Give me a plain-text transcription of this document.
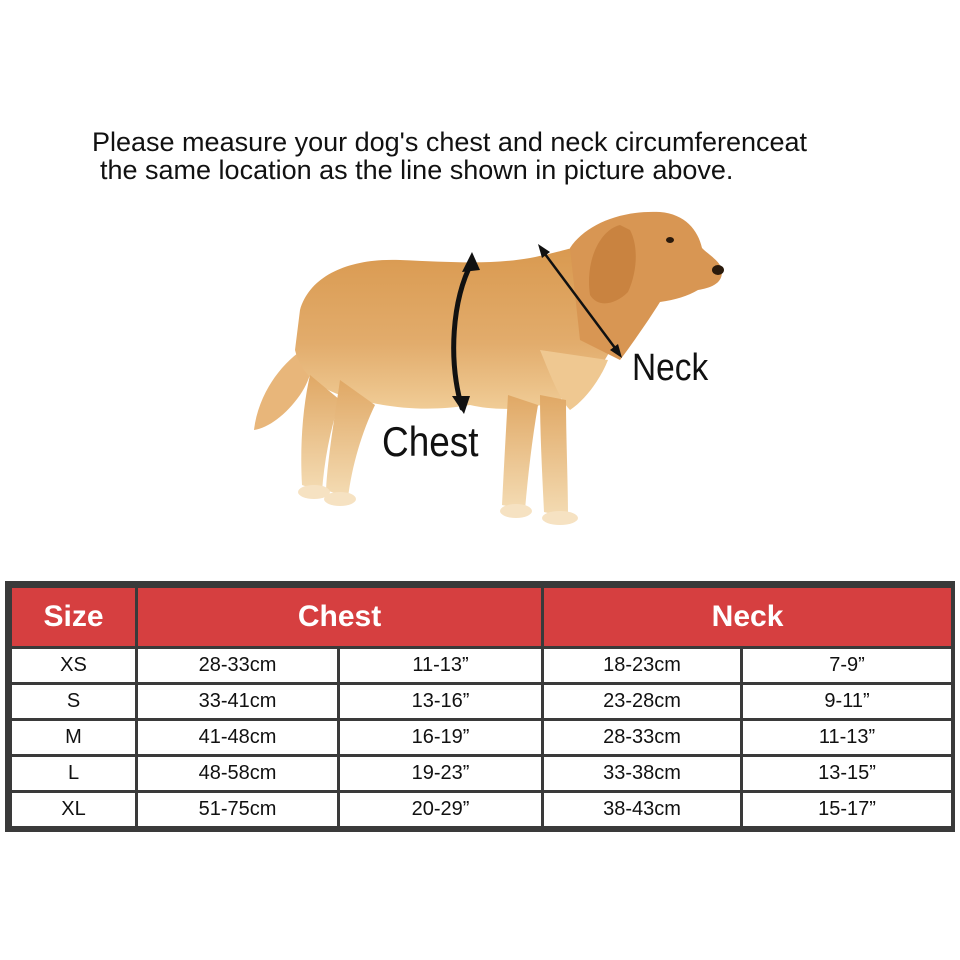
Please measure your dog's chest and neck circumferenceat
the same location as the line shown in picture above.
Chest
Neck
Size	Chest		Neck	
XS	28-33cm	11-13”	18-23cm	7-9”
S	33-41cm	13-16”	23-28cm	9-11”
M	41-48cm	16-19”	28-33cm	11-13”
L	48-58cm	19-23”	33-38cm	13-15”
XL	51-75cm	20-29”	38-43cm	15-17”
